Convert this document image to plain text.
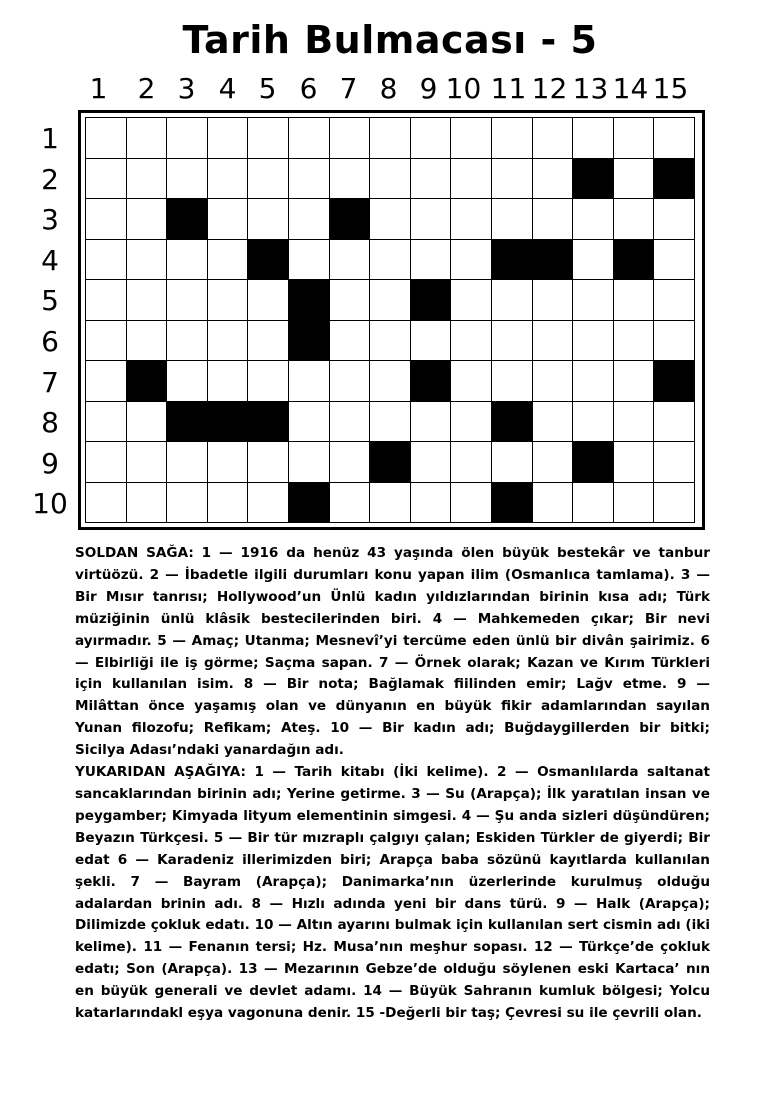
Tarih Bulmacası - 5
1	2 3 4 5 6 7 8 9 10 11 12 13 14 15
1
2
3
4
5
6
7
8
9
10

SOLDAN SAĞA: 1 — 1916 da henüz 43 yaşında ölen büyük bestekâr ve tanbur virtüözü. 2 — İbadetle ilgili durumları konu yapan ilim (Osmanlıca tamlama). 3 — Bir Mısır tanrısı; Hollywood’un Ünlü kadın yıldızlarından birinin kısa adı; Türk müziğinin ünlü klâsik bestecilerinden biri. 4 — Mahkemeden çıkar; Bir nevi ayırmadır. 5 — Amaç; Utanma; Mesnevî’yi tercüme eden ünlü bir divân şairimiz. 6 — Elbirliği ile iş görme; Saçma sapan. 7 — Örnek olarak; Kazan ve Kırım Türkleri için kullanılan isim. 8 — Bir nota; Bağlamak fiilinden emir; Lağv etme. 9 — Milâttan önce yaşamış olan ve dünyanın en büyük fikir adamlarından sayılan Yunan filozofu; Refikam; Ateş. 10 — Bir kadın adı; Buğdaygillerden bir bitki; Sicilya Adası’ndaki yanardağın adı.

YUKARIDAN AŞAĞIYA: 1 — Tarih kitabı (İki kelime). 2 — Osmanlılarda saltanat sancaklarından birinin adı; Yerine getirme. 3 — Su (Arapça); İlk yaratılan insan ve peygamber; Kimyada lityum elementinin simgesi. 4 — Şu anda sizleri düşündüren; Beyazın Türkçesi. 5 — Bir tür mızraplı çalgıyı çalan; Eskiden Türkler de giyerdi; Bir edat 6 — Karadeniz illerimizden biri; Arapça baba sözünü kayıtlarda kullanılan şekli. 7 — Bayram (Arapça); Danimarka’nın üzerlerinde kurulmuş olduğu adalardan brinin adı. 8 — Hızlı adında yeni bir dans türü. 9 — Halk (Arapça); Dilimizde çokluk edatı. 10 — Altın ayarını bulmak için kullanılan sert cismin adı (iki kelime). 11 — Fenanın tersi; Hz. Musa’nın meşhur sopası. 12 — Türkçe’de çokluk edatı; Son (Arapça). 13 — Mezarının Gebze’de olduğu söylenen eski Kartaca’ nın en büyük generali ve devlet adamı. 14 — Büyük Sahranın kumluk bölgesi; Yolcu katarlarındakl eşya vagonuna denir. 15 -Değerli bir taş; Çevresi su ile çevrili olan.
